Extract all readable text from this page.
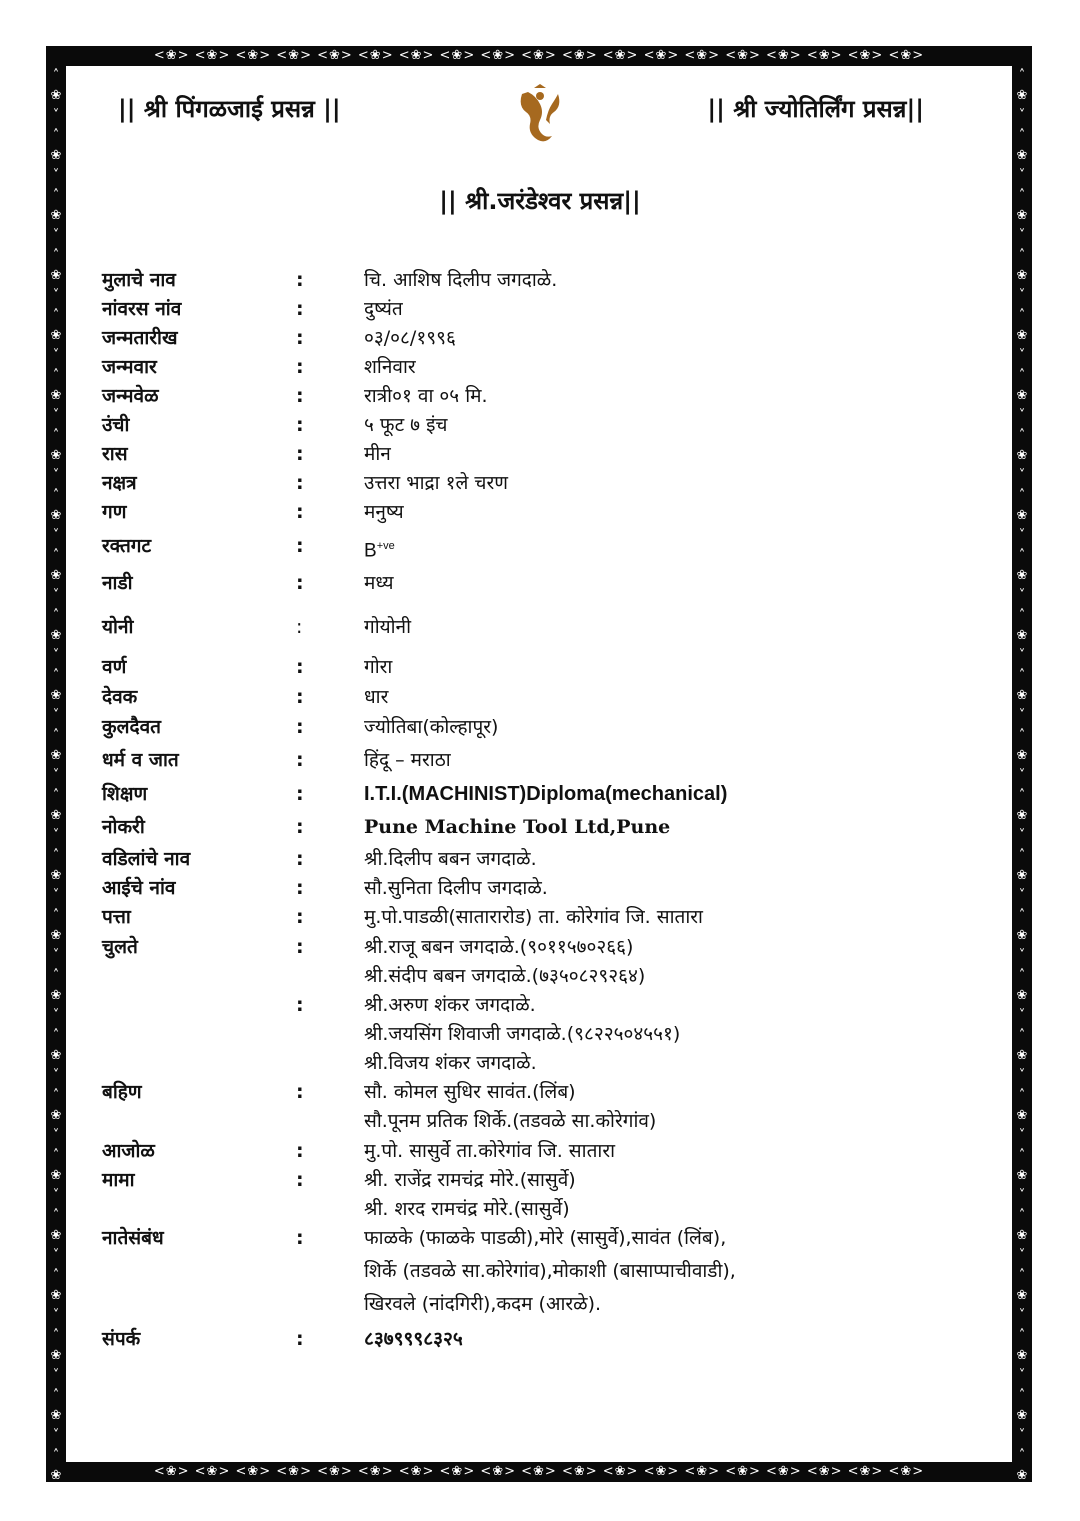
<❀> <❀> <❀> <❀> <❀> <❀> <❀> <❀> <❀> <❀> <❀> <❀> <❀> <❀> <❀> <❀> <❀> <❀> <❀>
<❀> <❀> <❀> <❀> <❀> <❀> <❀> <❀> <❀> <❀> <❀> <❀> <❀> <❀> <❀> <❀> <❀> <❀> <❀>
˄
❀
˅
˄
❀
˅
˄
❀
˅
˄
❀
˅
˄
❀
˅
˄
❀
˅
˄
❀
˅
˄
❀
˅
˄
❀
˅
˄
❀
˅
˄
❀
˅
˄
❀
˅
˄
❀
˅
˄
❀
˅
˄
❀
˅
˄
❀
˅
˄
❀
˅
˄
❀
˅
˄
❀
˅
˄
❀
˅
˄
❀
˅
˄
❀
˅
˄
❀
˅
˄
❀
˅
˄
❀
˅
˄
❀
˅
˄
❀
˅
˄
❀
˅
˄
❀
˅
˄
❀
˅
˄
❀
˅
˄
❀
˅
˄
❀
˅
˄
❀
˅
˄
❀
˅
˄
❀
˅
˄
❀
˅
˄
❀
˅
˄
❀
˅
˄
❀
˅
˄
❀
˅
˄
❀
˅
˄
❀
˅
˄
❀
˅
˄
❀
˅
˄
❀
˅
˄
❀
˅
˄
❀
˅
|| श्री पिंगळजाई प्रसन्न ||	|| श्री ज्योतिर्लिंग प्रसन्न||
|| श्री.जरंडेश्वर प्रसन्न||
मुलाचे नाव	:	चि. आशिष दिलीप जगदाळे.
नांवरस नांव	:	दुष्यंत
जन्मतारीख	:	०३/०८/१९९६
जन्मवार	:	शनिवार
जन्मवेळ	:	रात्री०१ वा ०५ मि.
उंची	:	५ फूट ७ इंच
रास	:	मीन
नक्षत्र	:	उत्तरा भाद्रा १ले चरण
गण	:	मनुष्य
रक्तगट	:	$B^{+ve}$
नाडी	:	मध्य
योनी	:	गोयोनी
वर्ण	:	गोरा
देवक	:	धार
कुलदैवत	:	ज्योतिबा(कोल्हापूर)
धर्म व जात	:	हिंदू – मराठा
शिक्षण	:	I.T.I.(MACHINIST)Diploma(mechanical)
नोकरी	:	Pune Machine Tool Ltd,Pune
वडिलांचे नाव	:	श्री.दिलीप बबन जगदाळे.
आईचे नांव	:	सौ.सुनिता दिलीप जगदाळे.
पत्ता	:	मु.पो.पाडळी(सातारारोड) ता. कोरेगांव जि. सातारा
चुलते	:	श्री.राजू बबन जगदाळे.(९०११५७०२६६)
श्री.संदीप बबन जगदाळे.(७३५०८२९२६४)
:	श्री.अरुण शंकर जगदाळे.
श्री.जयसिंग शिवाजी जगदाळे.(९८२२५०४५५१)
श्री.विजय शंकर जगदाळे.
बहिण	:	सौ. कोमल सुधिर सावंत.(लिंब)
सौ.पूनम प्रतिक शिर्के.(तडवळे सा.कोरेगांव)
आजोळ	:	मु.पो. सासुर्वे ता.कोरेगांव जि. सातारा
मामा	:	श्री. राजेंद्र रामचंद्र मोरे.(सासुर्वे)
श्री. शरद रामचंद्र मोरे.(सासुर्वे)
नातेसंबंध	:	फाळके (फाळके पाडळी),मोरे (सासुर्वे),सावंत (लिंब),
शिर्के (तडवळे सा.कोरेगांव),मोकाशी (बासाप्पाचीवाडी),
खिरवले (नांदगिरी),कदम (आरळे).
संपर्क	:	८३७९९९८३२५
